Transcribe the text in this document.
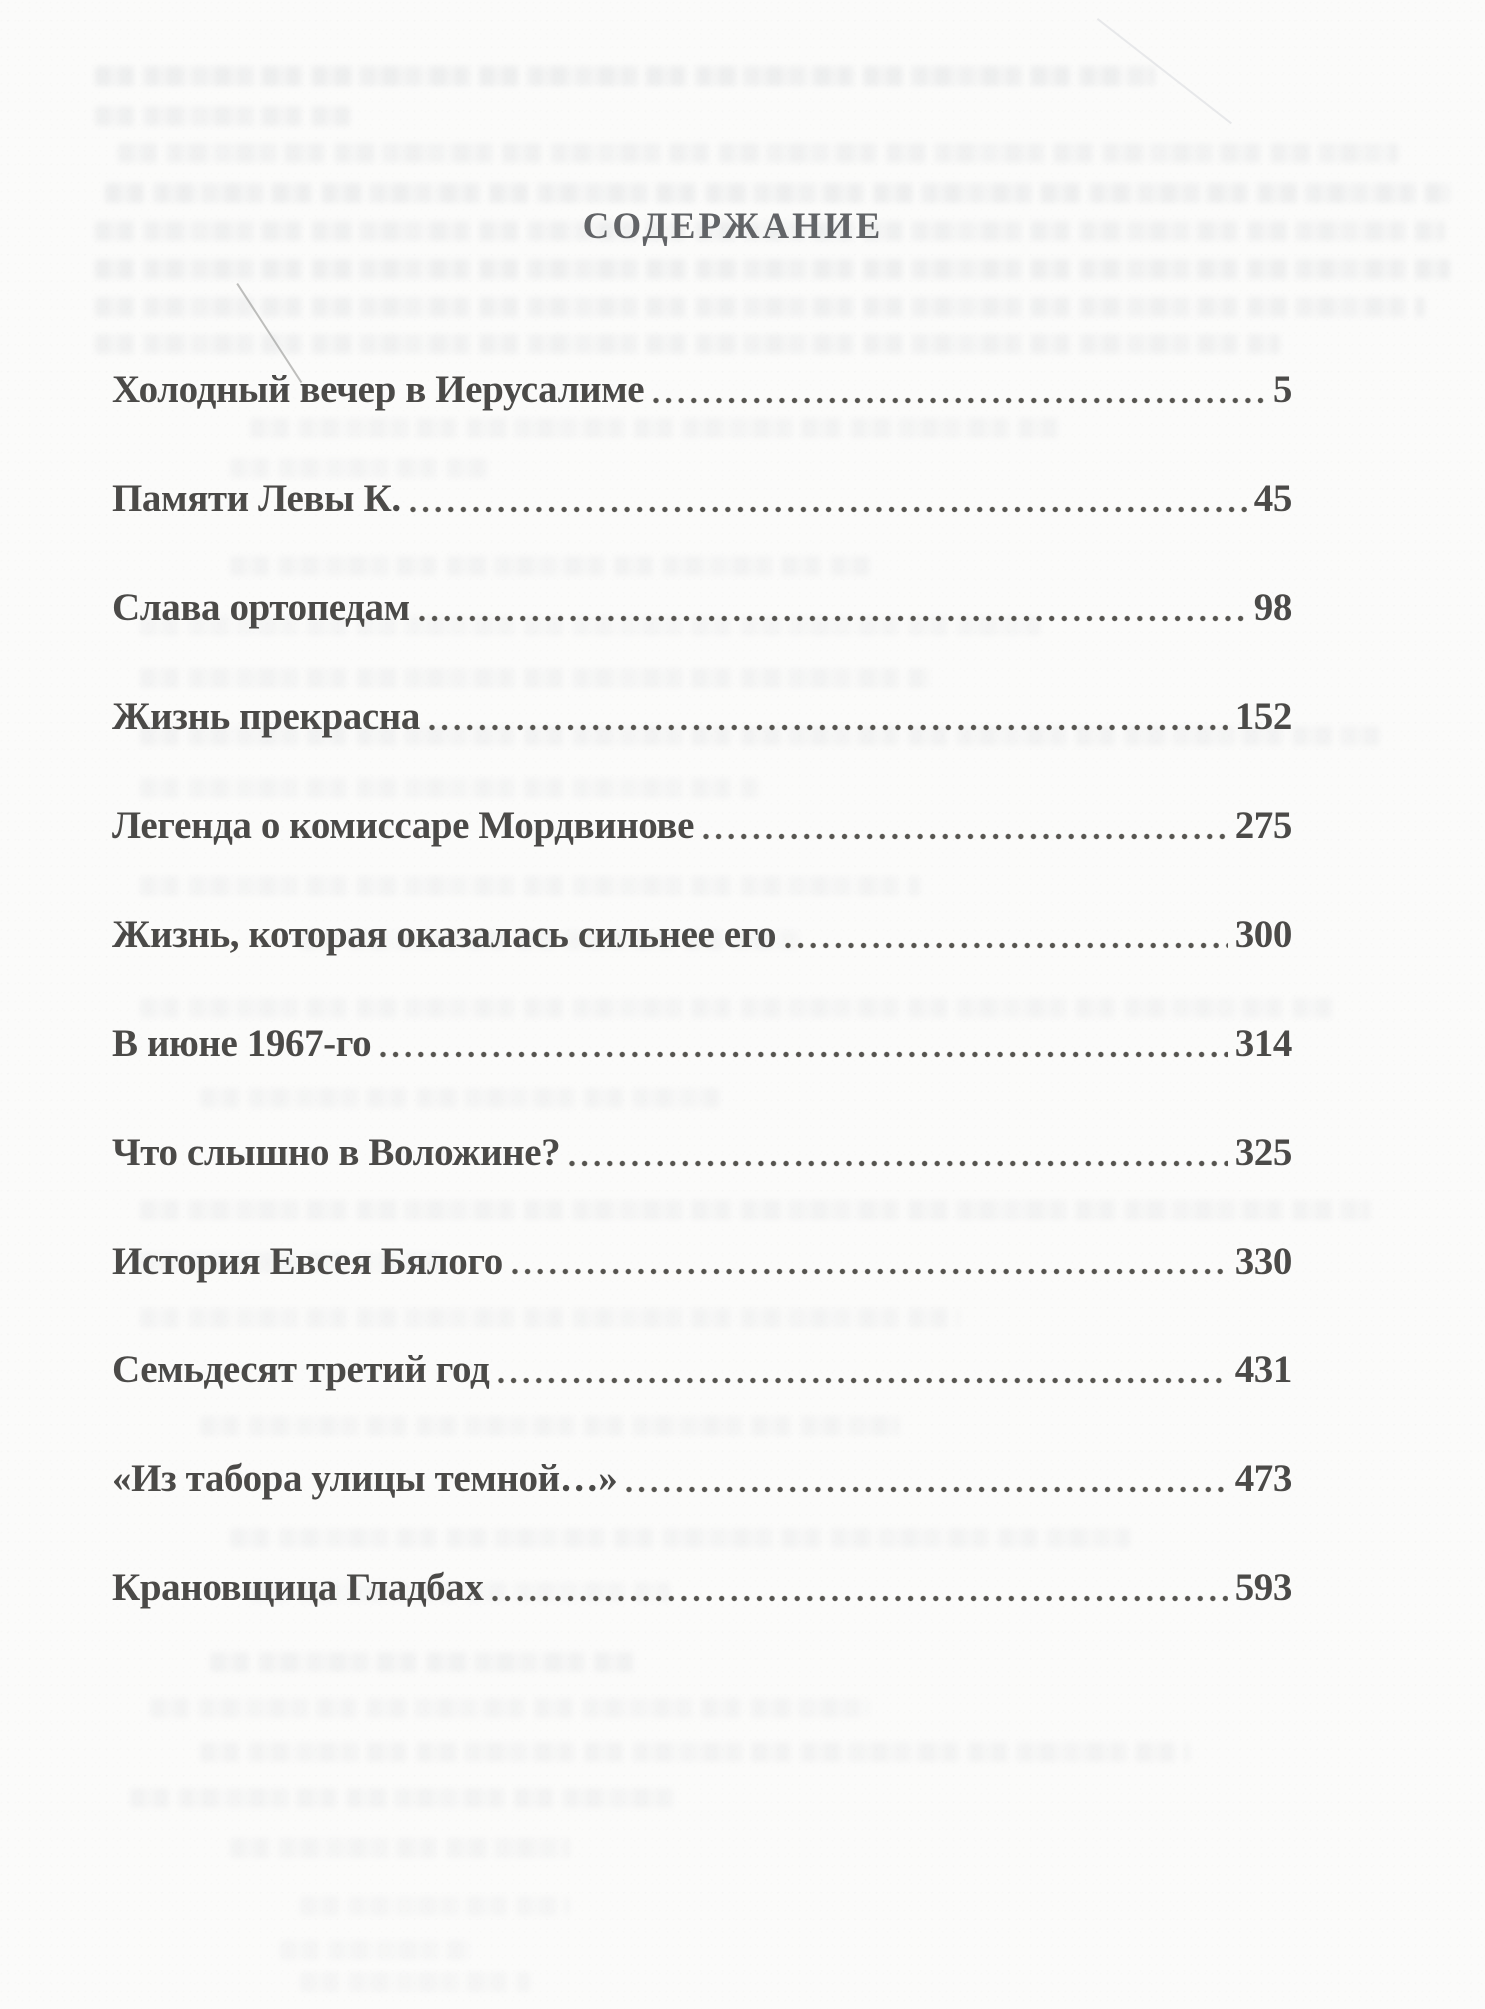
СОДЕРЖАНИЕ
Холодный вечер в Иерусалиме	5
Памяти Левы К.	45
Слава ортопедам	98
Жизнь прекрасна	152
Легенда о комиссаре Мордвинове	275
Жизнь, которая оказалась сильнее его	300
В июне 1967-го	314
Что слышно в Воложине?	325
История Евсея Бялого	330
Семьдесят третий год	431
«Из табора улицы темной…»	473
Крановщица Гладбах	593
